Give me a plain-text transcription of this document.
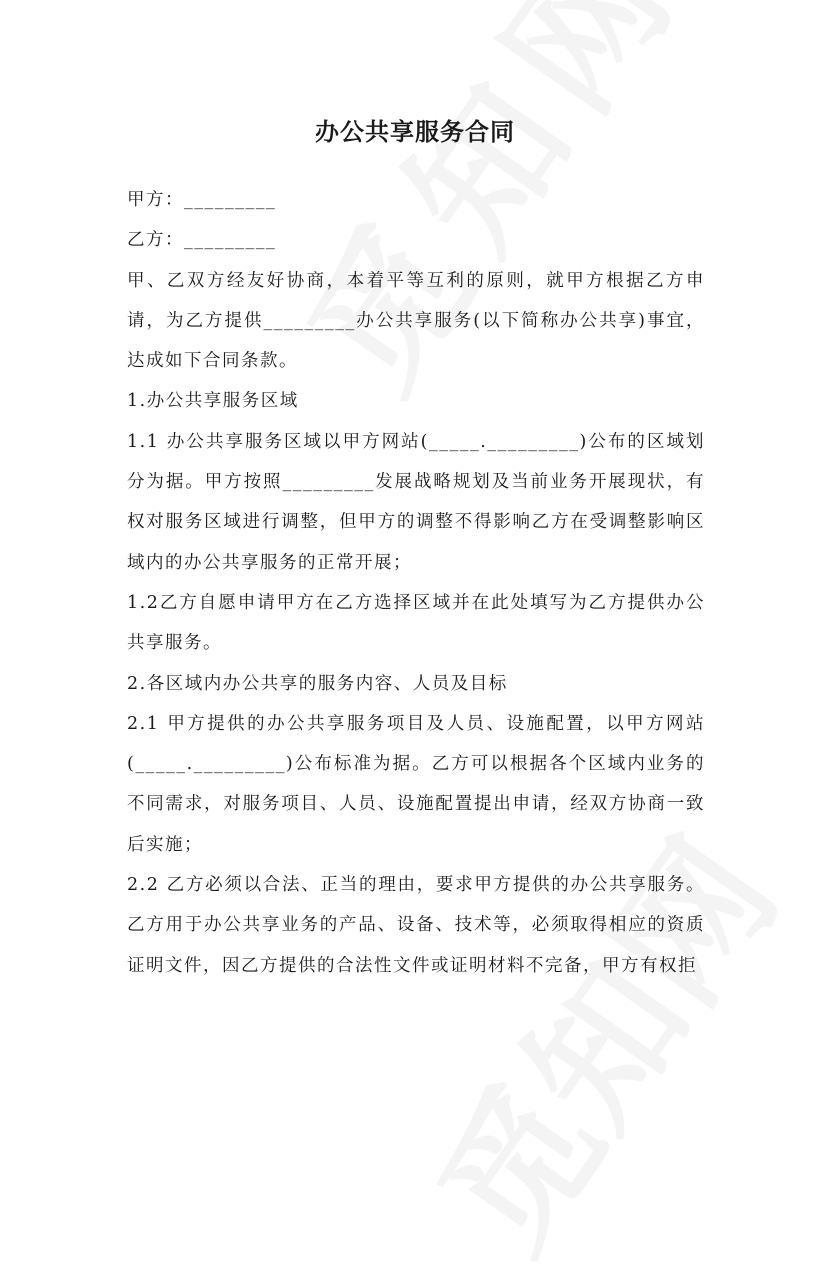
办公共享服务合同

甲方：_________

乙方：_________

甲、乙双方经友好协商，本着平等互利的原则，就甲方根据乙方申请，为乙方提供_________办公共享服务(以下简称办公共享)事宜，达成如下合同条款。

1.办公共享服务区域

1.1 办公共享服务区域以甲方网站(_____._________)公布的区域划分为据。甲方按照_________发展战略规划及当前业务开展现状，有权对服务区域进行调整，但甲方的调整不得影响乙方在受调整影响区域内的办公共享服务的正常开展；

1.2乙方自愿申请甲方在乙方选择区域并在此处填写为乙方提供办公共享服务。

2.各区域内办公共享的服务内容、人员及目标

2.1 甲方提供的办公共享服务项目及人员、设施配置，以甲方网站(_____._________)公布标准为据。乙方可以根据各个区域内业务的不同需求，对服务项目、人员、设施配置提出申请，经双方协商一致后实施；

2.2 乙方必须以合法、正当的理由，要求甲方提供的办公共享服务。乙方用于办公共享业务的产品、设备、技术等，必须取得相应的资质证明文件，因乙方提供的合法性文件或证明材料不完备，甲方有权拒
